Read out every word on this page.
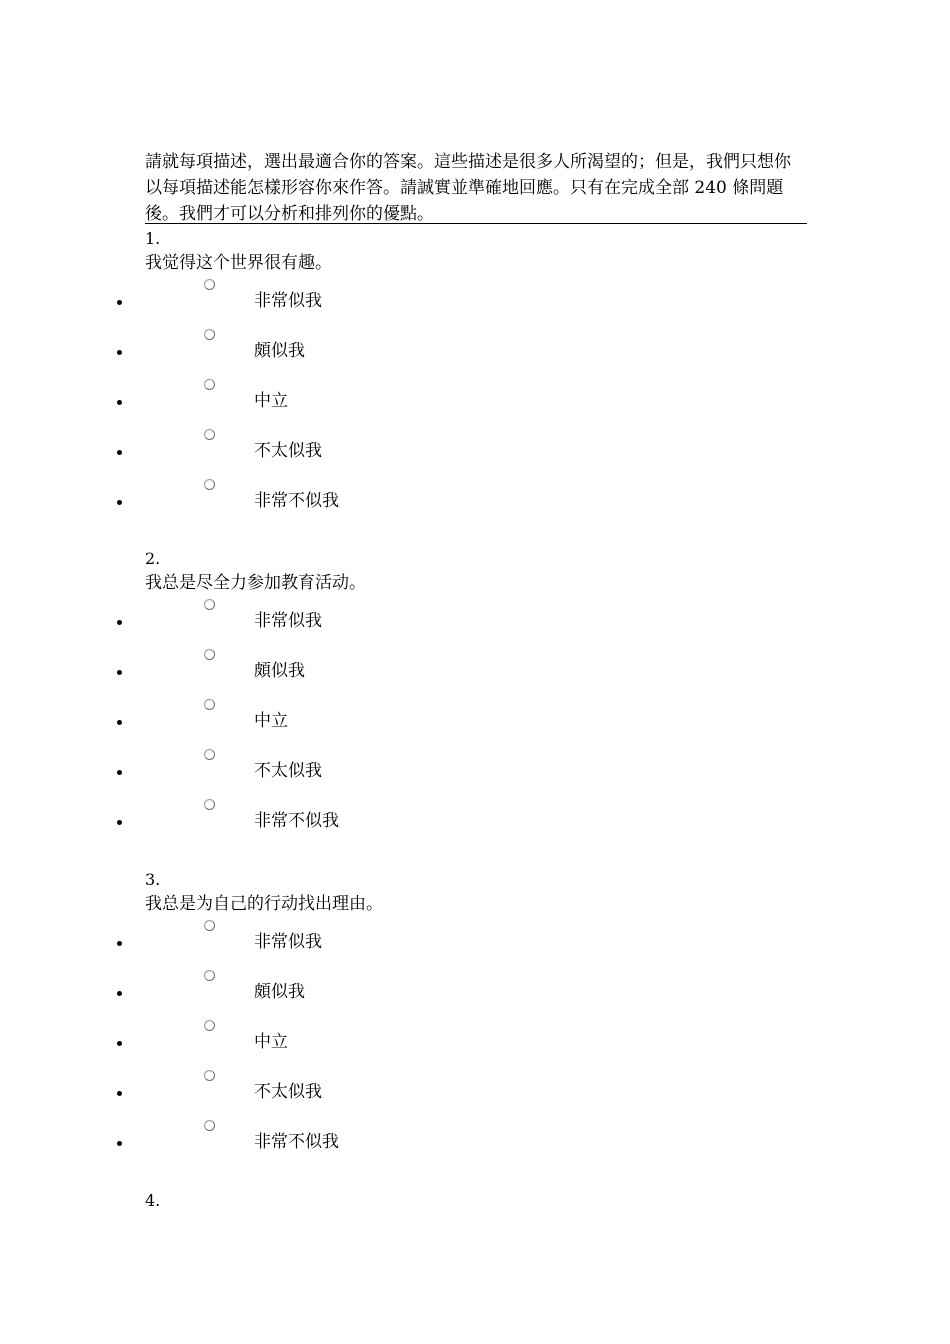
請就每項描述，選出最適合你的答案。這些描述是很多人所渴望的；但是，我們只想你以每項描述能怎樣形容你來作答。請誠實並準確地回應。只有在完成全部 240 條問題後。我們才可以分析和排列你的優點。
1.
我觉得这个世界很有趣。
非常似我
頗似我
中立
不太似我
非常不似我
2.
我总是尽全力参加教育活动。
非常似我
頗似我
中立
不太似我
非常不似我
3.
我总是为自己的行动找出理由。
非常似我
頗似我
中立
不太似我
非常不似我
4.
